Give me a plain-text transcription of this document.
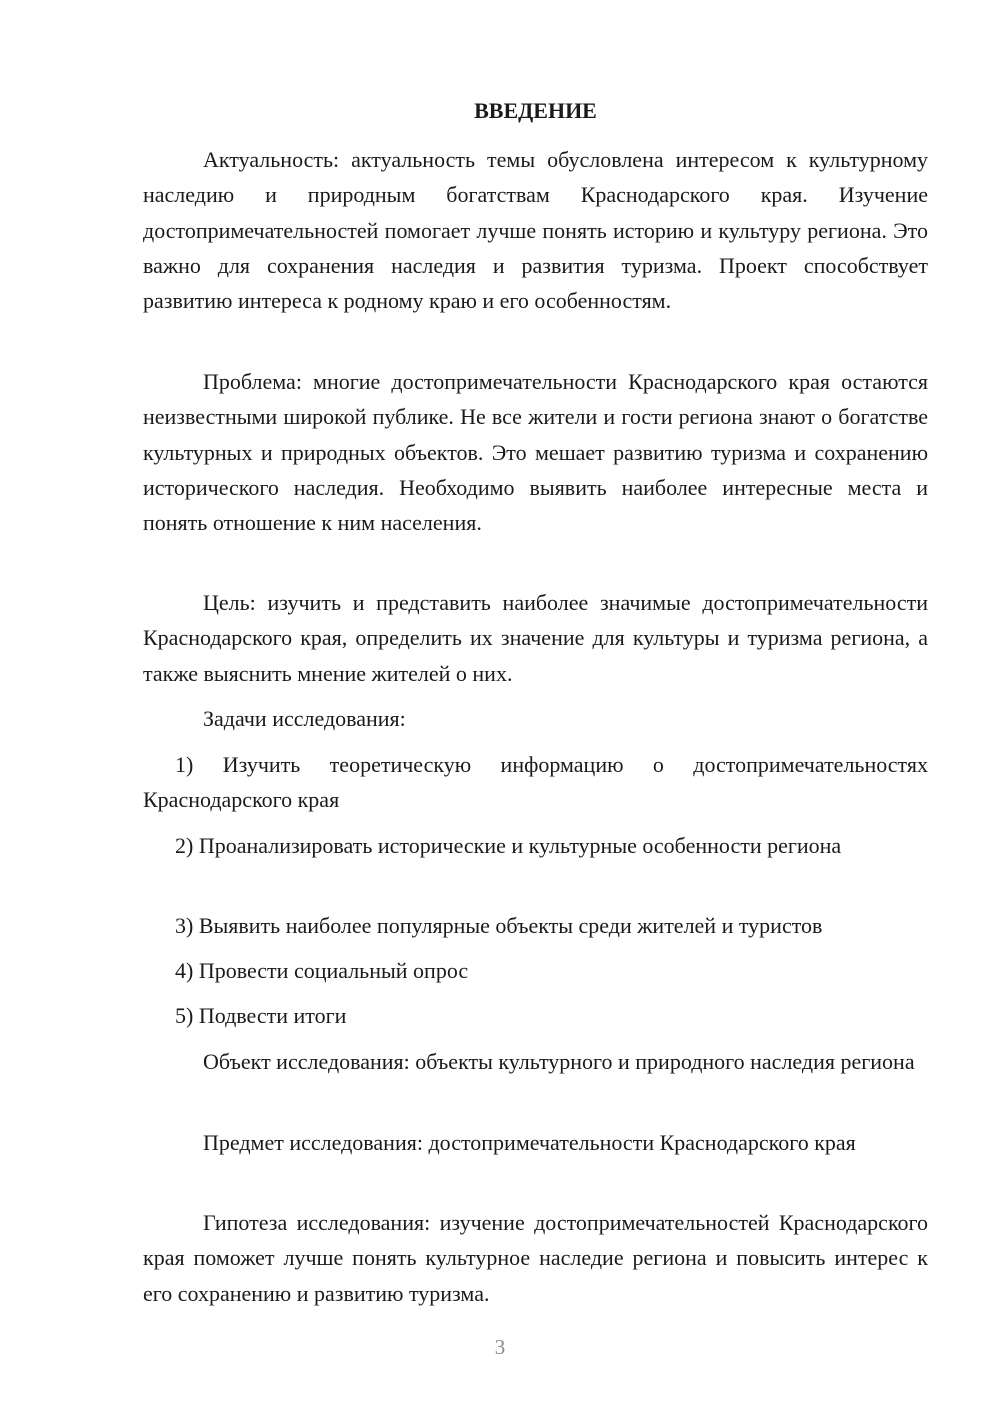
ВВЕДЕНИЕ

Актуальность: актуальность темы обусловлена интересом к культурному наследию и природным богатствам Краснодарского края. Изучение достопримечательностей помогает лучше понять историю и культуру региона. Это важно для сохранения наследия и развития туризма. Проект способствует развитию интереса к родному краю и его особенностям.

Проблема: многие достопримечательности Краснодарского края остаются неизвестными широкой публике. Не все жители и гости региона знают о богатстве культурных и природных объектов. Это мешает развитию туризма и сохранению исторического наследия. Необходимо выявить наиболее интересные места и понять отношение к ним населения.

Цель: изучить и представить наиболее значимые достопримечательности Краснодарского края, определить их значение для культуры и туризма региона, а также выяснить мнение жителей о них.

Задачи исследования:

1) Изучить теоретическую информацию о достопримечательностях Краснодарского края

2) Проанализировать исторические и культурные особенности региона

3) Выявить наиболее популярные объекты среди жителей и туристов

4) Провести социальный опрос

5) Подвести итоги

Объект исследования: объекты культурного и природного наследия региона

Предмет исследования: достопримечательности Краснодарского края

Гипотеза исследования: изучение достопримечательностей Краснодарского края поможет лучше понять культурное наследие региона и повысить интерес к его сохранению и развитию туризма.

3
